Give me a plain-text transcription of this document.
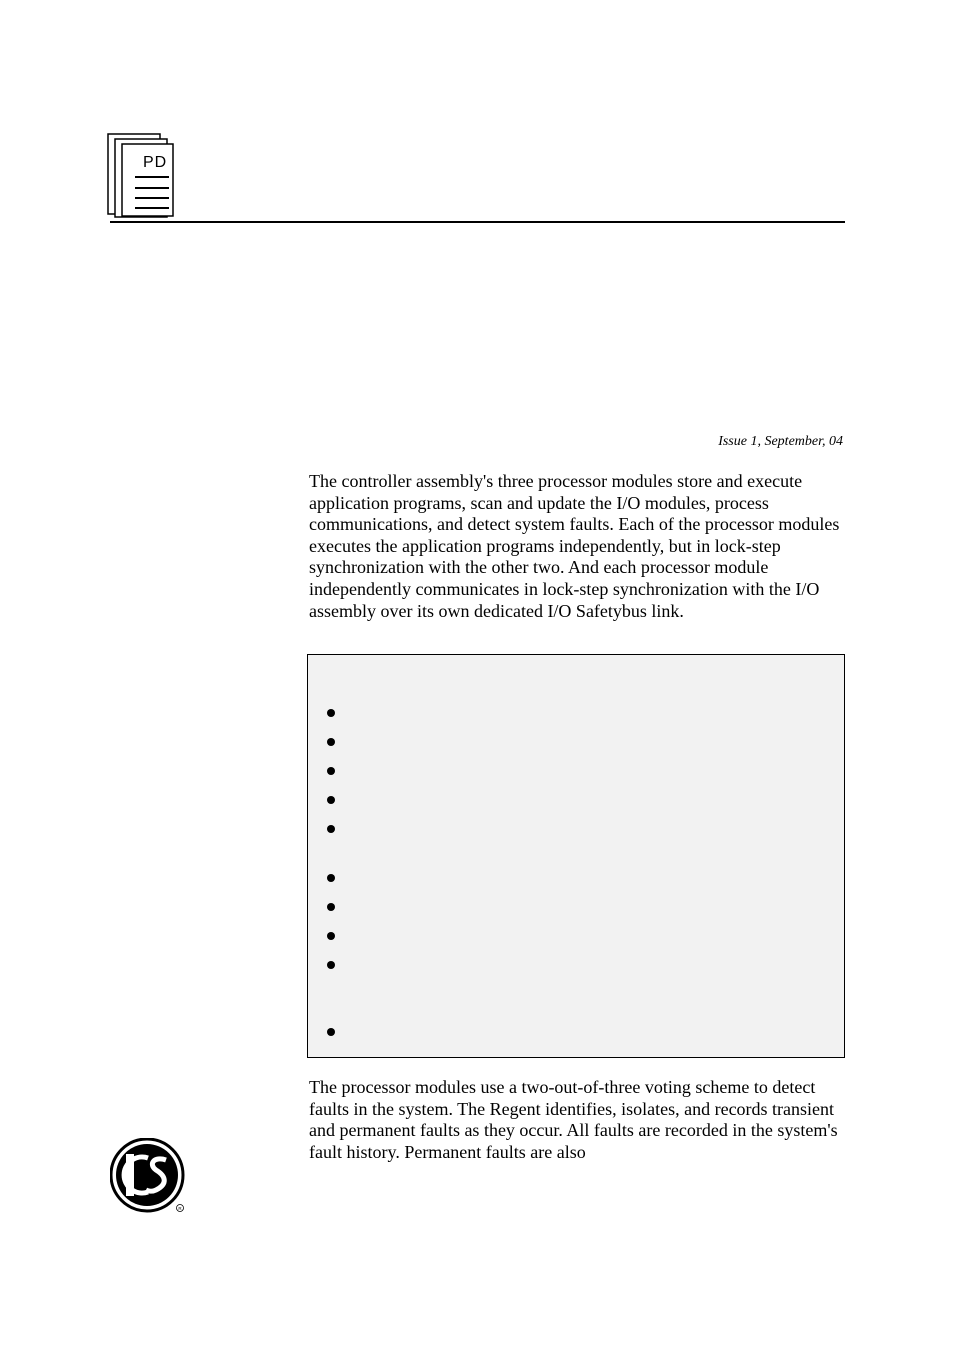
PD
Issue 1, September, 04

The controller assembly's three processor modules store and execute application programs, scan and update the I/O modules, process communications, and detect system faults. Each of the processor modules executes the application programs independently, but in lock-step synchronization with the other two. And each processor module independently communicates in lock-step synchronization with the I/O assembly over its own dedicated I/O Safetybus link.

The processor modules use a two-out-of-three voting scheme to detect faults in the system. The Regent identifies, isolates, and records transient and permanent faults as they occur. All faults are recorded in the system's fault history. Permanent faults are also

R
